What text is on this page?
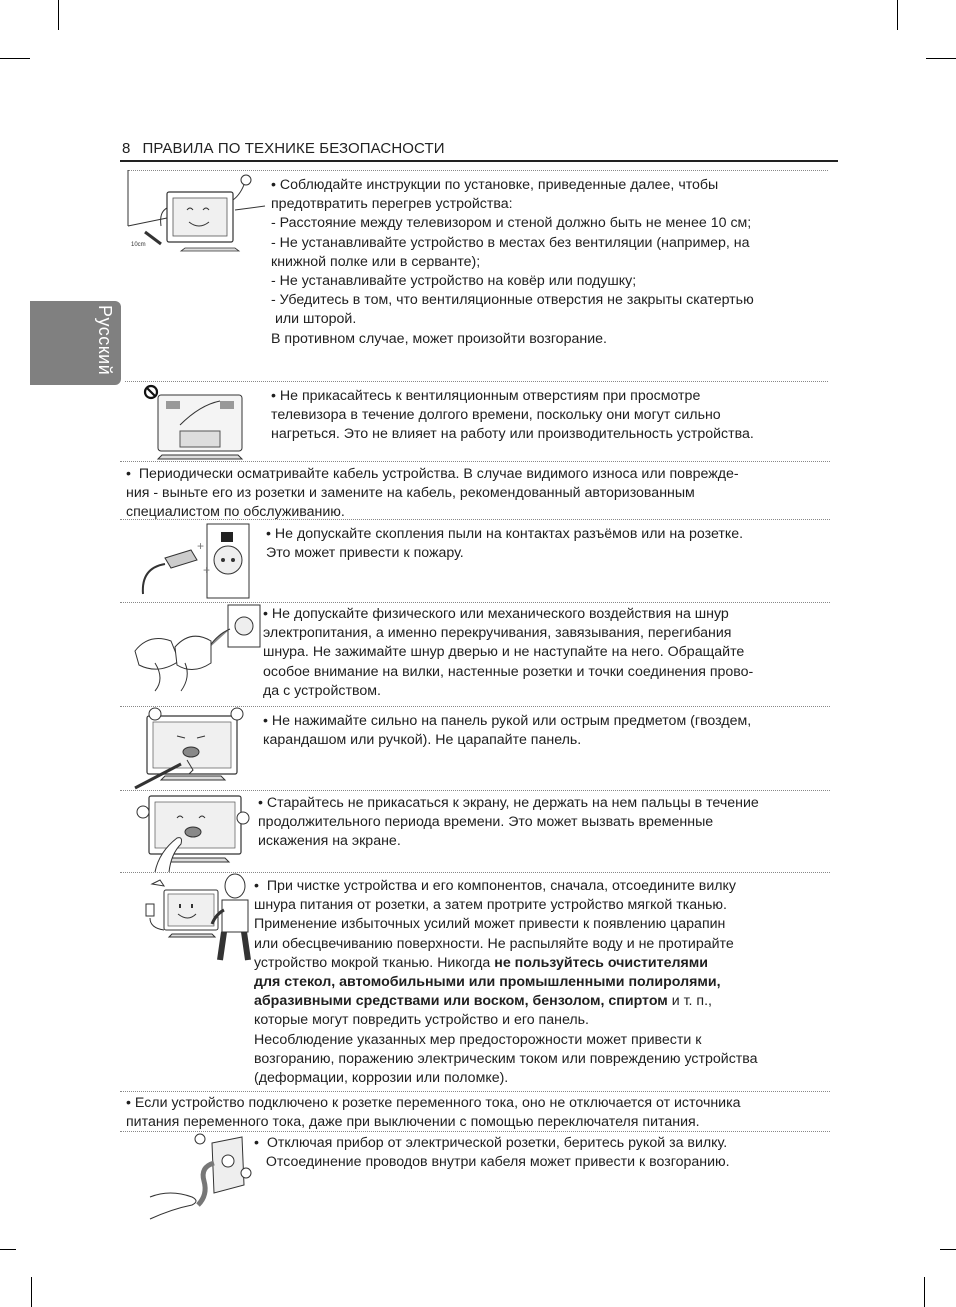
8 ПРАВИЛА ПО ТЕХНИКЕ БЕЗОПАСНОСТИ
Русский
10cm

• Соблюдайте инструкции по установке, приведенные далее, чтобы

предотвратить перегрев устройства:

- Расстояние между телевизором и стеной должно быть не менее 10 см;

- Не устанавливайте устройство в местах без вентиляции (например, на

книжной полке или в серванте);

- Не устанавливайте устройство на ковёр или подушку;

- Убедитесь в том, что вентиляционные отверстия не закрыты скатертью

или шторой.

В противном случае, может произойти возгорание.

• Не прикасайтесь к вентиляционным отверстиям при просмотре

телевизора в течение долгого времени, поскольку они могут сильно

нагреться. Это не влияет на работу или производительность устройства.

•  Периодически осматривайте кабель устройства. В случае видимого износа или поврежде-

ния - выньте его из розетки и замените на кабель, рекомендованный авторизованным

специалистом по обслуживанию.

+
+

• Не допускайте скопления пыли на контактах разъёмов или на розетке.

Это может привести к пожару.

• Не допускайте физического или механического воздействия на шнур

электропитания, а именно перекручивания, завязывания, перегибания

шнура. Не зажимайте шнур дверью и не наступайте на него. Обращайте

особое внимание на вилки, настенные розетки и точки соединения прово-

да с устройством.

• Не нажимайте сильно на панель рукой или острым предметом (гвоздем,

карандашом или ручкой). Не царапайте панель.

• Старайтесь не прикасаться к экрану, не держать на нем пальцы в течение

продолжительного периода времени. Это может вызвать временные

искажения на экране.

•  При чистке устройства и его компонентов, сначала, отсоедините вилку

шнура питания от розетки, а затем протрите устройство мягкой тканью.

Применение избыточных усилий может привести к появлению царапин

или обесцвечиванию поверхности. Не распыляйте воду и не протирайте

устройство мокрой тканью. Никогда не пользуйтесь очистителями

для стекол, автомобильными или промышленными полиролями,

абразивными средствами или воском, бензолом, спиртом и т. п.,

которые могут повредить устройство и его панель.

Несоблюдение указанных мер предосторожности может привести к

возгоранию, поражению электрическим током или повреждению устройства

(деформации, коррозии или поломке).

• Если устройство подключено к розетке переменного тока, оно не отключается от источника

питания переменного тока, даже при выключении с помощью переключателя питания.

•  Отключая прибор от электрической розетки, беритесь рукой за вилку.

Отсоединение проводов внутри кабеля может привести к возгоранию.
